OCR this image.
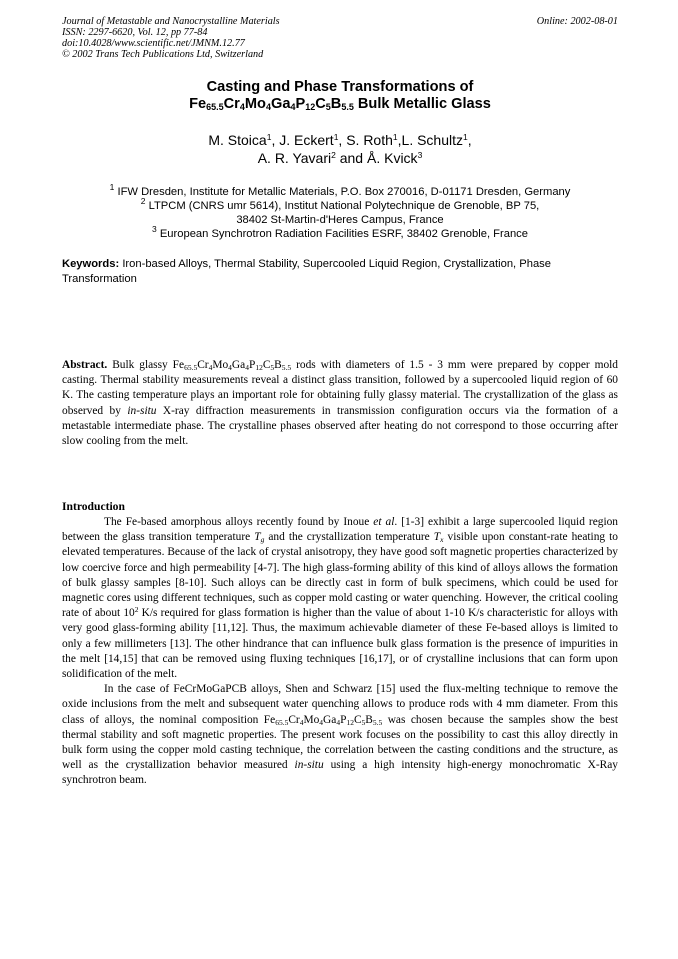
Journal of Metastable and Nanocrystalline Materials
ISSN: 2297-6620, Vol. 12, pp 77-84
doi:10.4028/www.scientific.net/JMNM.12.77
© 2002 Trans Tech Publications Ltd, Switzerland
Online: 2002-08-01
Casting and Phase Transformations of
$Fe_{65.5}Cr_4Mo_4Ga_4P_{12}C_5B_{5.5}$ Bulk Metallic Glass
M. Stoica$^1$, J. Eckert$^1$, S. Roth$^1$,L. Schultz$^1$,
A. R. Yavari$^2$ and Å. Kvick$^3$
$^1$ IFW Dresden, Institute for Metallic Materials, P.O. Box 270016, D-01171 Dresden, Germany
$^2$ LTPCM (CNRS umr 5614), Institut National Polytechnique de Grenoble, BP 75,
38402 St-Martin-d'Heres Campus, France
$^3$ European Synchrotron Radiation Facilities ESRF, 38402 Grenoble, France
Keywords: Iron-based Alloys, Thermal Stability, Supercooled Liquid Region, Crystallization, Phase Transformation
Abstract. Bulk glassy $Fe_{65.5}Cr_4Mo_4Ga_4P_{12}C_5B_{5.5}$ rods with diameters of 1.5 - 3 mm were prepared by copper mold casting. Thermal stability measurements reveal a distinct glass transition, followed by a supercooled liquid region of 60 K. The casting temperature plays an important role for obtaining fully glassy material. The crystallization of the glass as observed by in-situ X-ray diffraction measurements in transmission configuration occurs via the formation of a metastable intermediate phase. The crystalline phases observed after heating do not correspond to those occurring after slow cooling from the melt.
Introduction

The Fe-based amorphous alloys recently found by Inoue et al. [1-3] exhibit a large supercooled liquid region between the glass transition temperature $T_g$ and the crystallization temperature $T_x$ visible upon constant-rate heating to elevated temperatures. Because of the lack of crystal anisotropy, they have good soft magnetic properties characterized by low coercive force and high permeability [4-7]. The high glass-forming ability of this kind of alloys allows the formation of bulk glassy samples [8-10]. Such alloys can be directly cast in form of bulk specimens, which could be used for magnetic cores using different techniques, such as copper mold casting or water quenching. However, the critical cooling rate of about $10^2$ K/s required for glass formation is higher than the value of about 1-10 K/s characteristic for alloys with very good glass-forming ability [11,12]. Thus, the maximum achievable diameter of these Fe-based alloys is limited to only a few millimeters [13]. The other hindrance that can influence bulk glass formation is the presence of impurities in the melt [14,15] that can be removed using fluxing techniques [16,17], or of crystalline inclusions that can form upon solidification of the melt.

In the case of FeCrMoGaPCB alloys, Shen and Schwarz [15] used the flux-melting technique to remove the oxide inclusions from the melt and subsequent water quenching allows to produce rods with 4 mm diameter. From this class of alloys, the nominal composition $Fe_{65.5}Cr_4Mo_4Ga_4P_{12}C_5B_{5.5}$ was chosen because the samples show the best thermal stability and soft magnetic properties. The present work focuses on the possibility to cast this alloy directly in bulk form using the copper mold casting technique, the correlation between the casting conditions and the structure, as well as the crystallization behavior measured in-situ using a high intensity high-energy monochromatic X-Ray synchrotron beam.
